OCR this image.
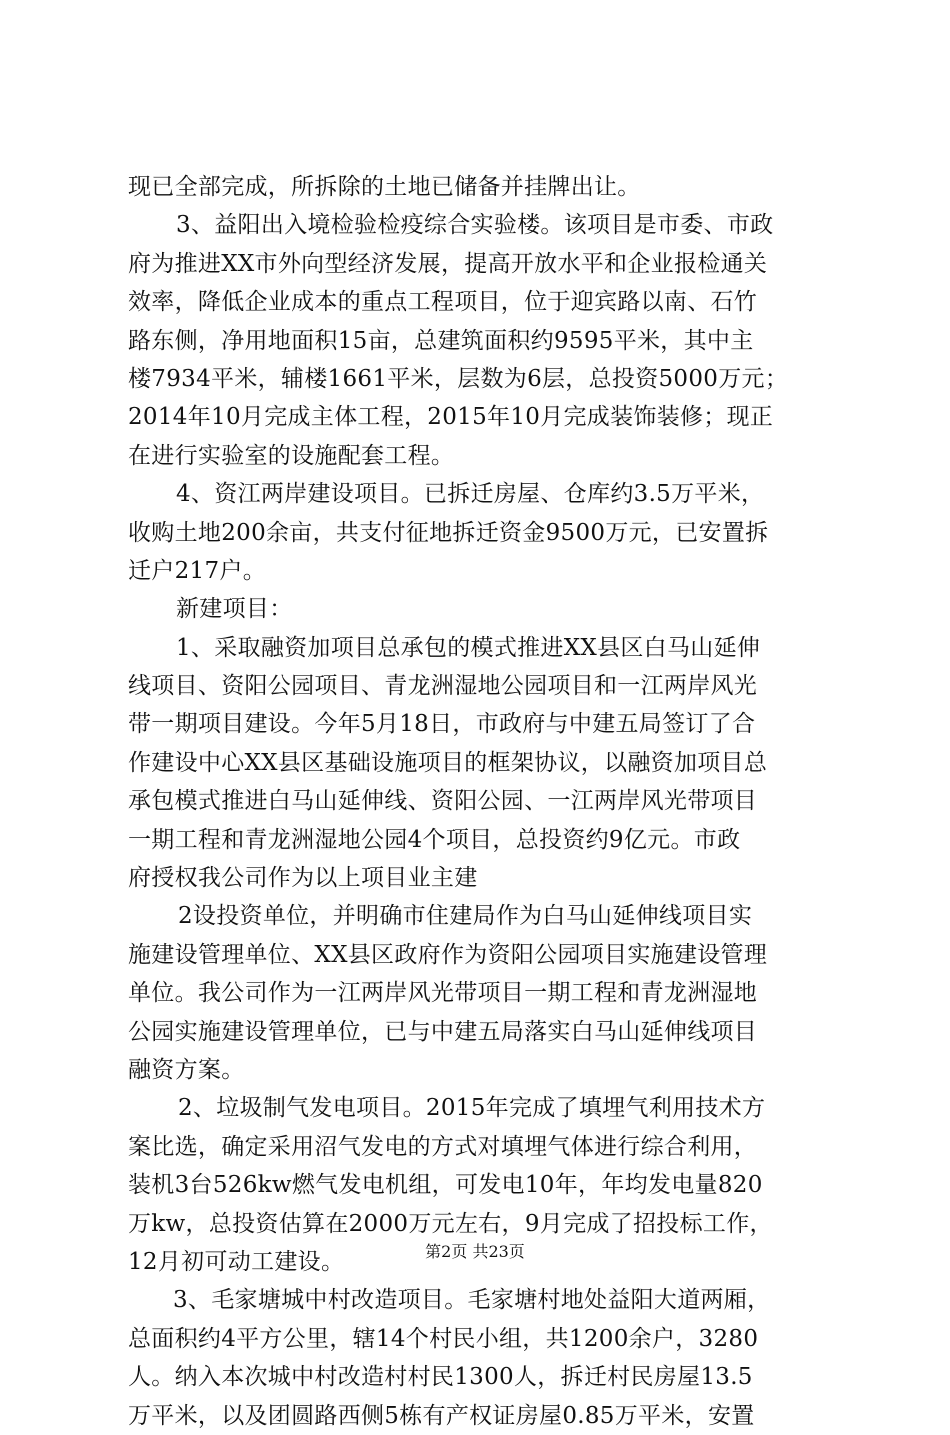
现已全部完成，所拆除的土地已储备并挂牌出让。
3、益阳出入境检验检疫综合实验楼。该项目是市委、市政
府为推进XX市外向型经济发展，提高开放水平和企业报检通关
效率，降低企业成本的重点工程项目，位于迎宾路以南、石竹
路东侧，净用地面积15亩，总建筑面积约9595平米，其中主
楼7934平米，辅楼1661平米，层数为6层，总投资5000万元；
2014年10月完成主体工程，2015年10月完成装饰装修；现正
在进行实验室的设施配套工程。
4、资江两岸建设项目。已拆迁房屋、仓库约3.5万平米，
收购土地200余亩，共支付征地拆迁资金9500万元，已安置拆
迁户217户。
新建项目：
1、采取融资加项目总承包的模式推进XX县区白马山延伸
线项目、资阳公园项目、青龙洲湿地公园项目和一江两岸风光
带一期项目建设。今年5月18日，市政府与中建五局签订了合
作建设中心XX县区基础设施项目的框架协议，以融资加项目总
承包模式推进白马山延伸线、资阳公园、一江两岸风光带项目
一期工程和青龙洲湿地公园4个项目，总投资约9亿元。市政
府授权我公司作为以上项目业主建
2设投资单位，并明确市住建局作为白马山延伸线项目实
施建设管理单位、XX县区政府作为资阳公园项目实施建设管理
单位。我公司作为一江两岸风光带项目一期工程和青龙洲湿地
公园实施建设管理单位，已与中建五局落实白马山延伸线项目
融资方案。
2、垃圾制气发电项目。2015年完成了填埋气利用技术方
案比选，确定采用沼气发电的方式对填埋气体进行综合利用，
装机3台526kw燃气发电机组，可发电10年，年均发电量820
万kw，总投资估算在2000万元左右，9月完成了招投标工作，
12月初可动工建设。
3、毛家塘城中村改造项目。毛家塘村地处益阳大道两厢，
总面积约4平方公里，辖14个村民小组，共1200余户，3280
人。纳入本次城中村改造村村民1300人，拆迁村民房屋13.5
万平米，以及团圆路西侧5栋有产权证房屋0.85万平米，安置
第2页 共23页
